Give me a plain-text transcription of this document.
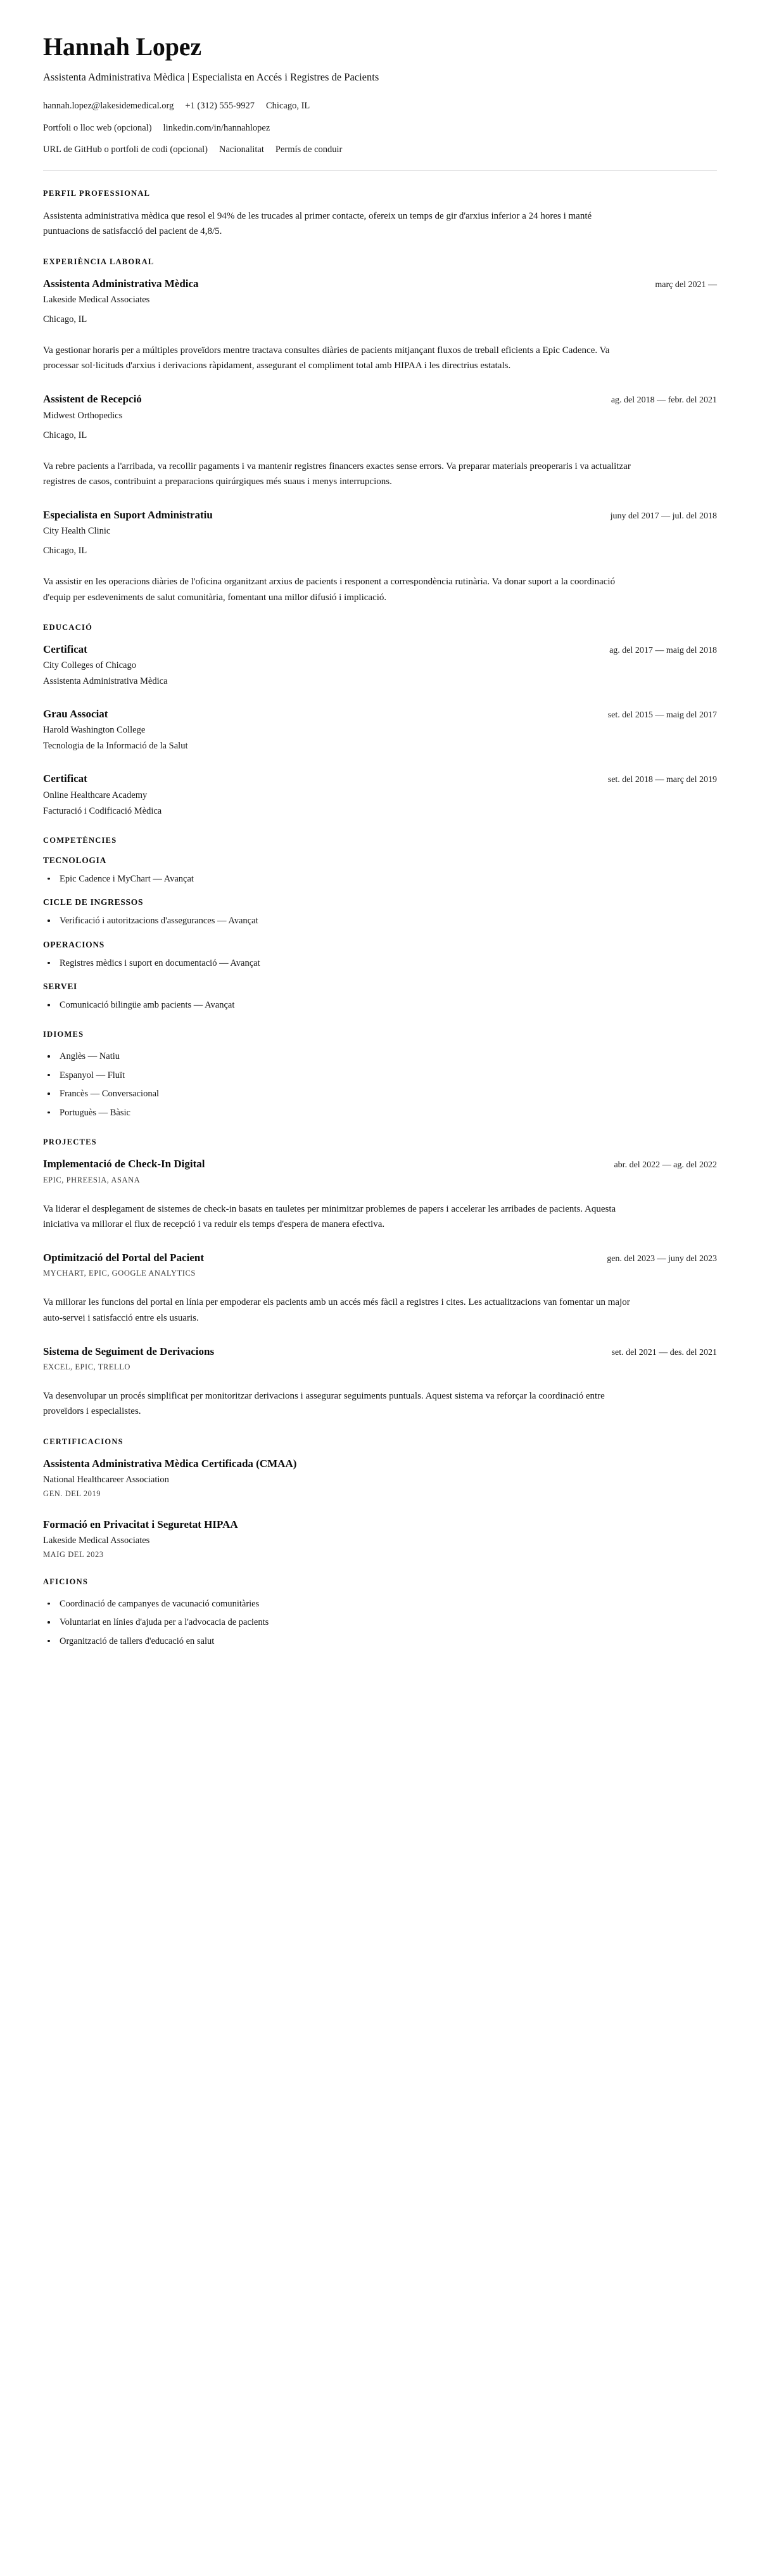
Hannah Lopez
Assistenta Administrativa Mèdica | Especialista en Accés i Registres de Pacients
hannah.lopez@lakesidemedical.org +1 (312) 555-9927 Chicago, IL
Portfoli o lloc web (opcional) linkedin.com/in/hannahlopez
URL de GitHub o portfoli de codi (opcional) Nacionalitat Permís de conduir
PERFIL PROFESSIONAL

Assistenta administrativa mèdica que resol el 94% de les trucades al primer contacte, ofereix un temps de gir d'arxius inferior a 24 hores i manté puntuacions de satisfacció del pacient de 4,8/5.

EXPERIÈNCIA LABORAL
Assistenta Administrativa Mèdica	març del 2021 —
Lakeside Medical Associates
Chicago, IL

Va gestionar horaris per a múltiples proveïdors mentre tractava consultes diàries de pacients mitjançant fluxos de treball eficients a Epic Cadence. Va processar sol·licituds d'arxius i derivacions ràpidament, assegurant el compliment total amb HIPAA i les directrius estatals.

Assistent de Recepció	ag. del 2018 — febr. del 2021
Midwest Orthopedics
Chicago, IL

Va rebre pacients a l'arribada, va recollir pagaments i va mantenir registres financers exactes sense errors. Va preparar materials preoperaris i va actualitzar registres de casos, contribuint a preparacions quirúrgiques més suaus i menys interrupcions.

Especialista en Suport Administratiu	juny del 2017 — jul. del 2018
City Health Clinic
Chicago, IL

Va assistir en les operacions diàries de l'oficina organitzant arxius de pacients i responent a correspondència rutinària. Va donar suport a la coordinació d'equip per esdeveniments de salut comunitària, fomentant una millor difusió i implicació.

EDUCACIÓ
Certificat	ag. del 2017 — maig del 2018
City Colleges of Chicago
Assistenta Administrativa Mèdica
Grau Associat	set. del 2015 — maig del 2017
Harold Washington College
Tecnologia de la Informació de la Salut
Certificat	set. del 2018 — març del 2019
Online Healthcare Academy
Facturació i Codificació Mèdica
COMPETÈNCIES
TECNOLOGIA
Epic Cadence i MyChart — Avançat
CICLE DE INGRESSOS
Verificació i autoritzacions d'assegurances — Avançat
OPERACIONS
Registres mèdics i suport en documentació — Avançat
SERVEI
Comunicació bilingüe amb pacients — Avançat
IDIOMES
Anglès — Natiu
Espanyol — Fluït
Francès — Conversacional
Portuguès — Bàsic
PROJECTES
Implementació de Check-In Digital	abr. del 2022 — ag. del 2022
EPIC, PHREESIA, ASANA

Va liderar el desplegament de sistemes de check-in basats en tauletes per minimitzar problemes de papers i accelerar les arribades de pacients. Aquesta iniciativa va millorar el flux de recepció i va reduir els temps d'espera de manera efectiva.

Optimització del Portal del Pacient	gen. del 2023 — juny del 2023
MYCHART, EPIC, GOOGLE ANALYTICS

Va millorar les funcions del portal en línia per empoderar els pacients amb un accés més fàcil a registres i cites. Les actualitzacions van fomentar un major auto-servei i satisfacció entre els usuaris.

Sistema de Seguiment de Derivacions	set. del 2021 — des. del 2021
EXCEL, EPIC, TRELLO

Va desenvolupar un procés simplificat per monitoritzar derivacions i assegurar seguiments puntuals. Aquest sistema va reforçar la coordinació entre proveïdors i especialistes.

CERTIFICACIONS
Assistenta Administrativa Mèdica Certificada (CMAA)
National Healthcareer Association
GEN. DEL 2019
Formació en Privacitat i Seguretat HIPAA
Lakeside Medical Associates
MAIG DEL 2023
AFICIONS
Coordinació de campanyes de vacunació comunitàries
Voluntariat en línies d'ajuda per a l'advocacia de pacients
Organització de tallers d'educació en salut
